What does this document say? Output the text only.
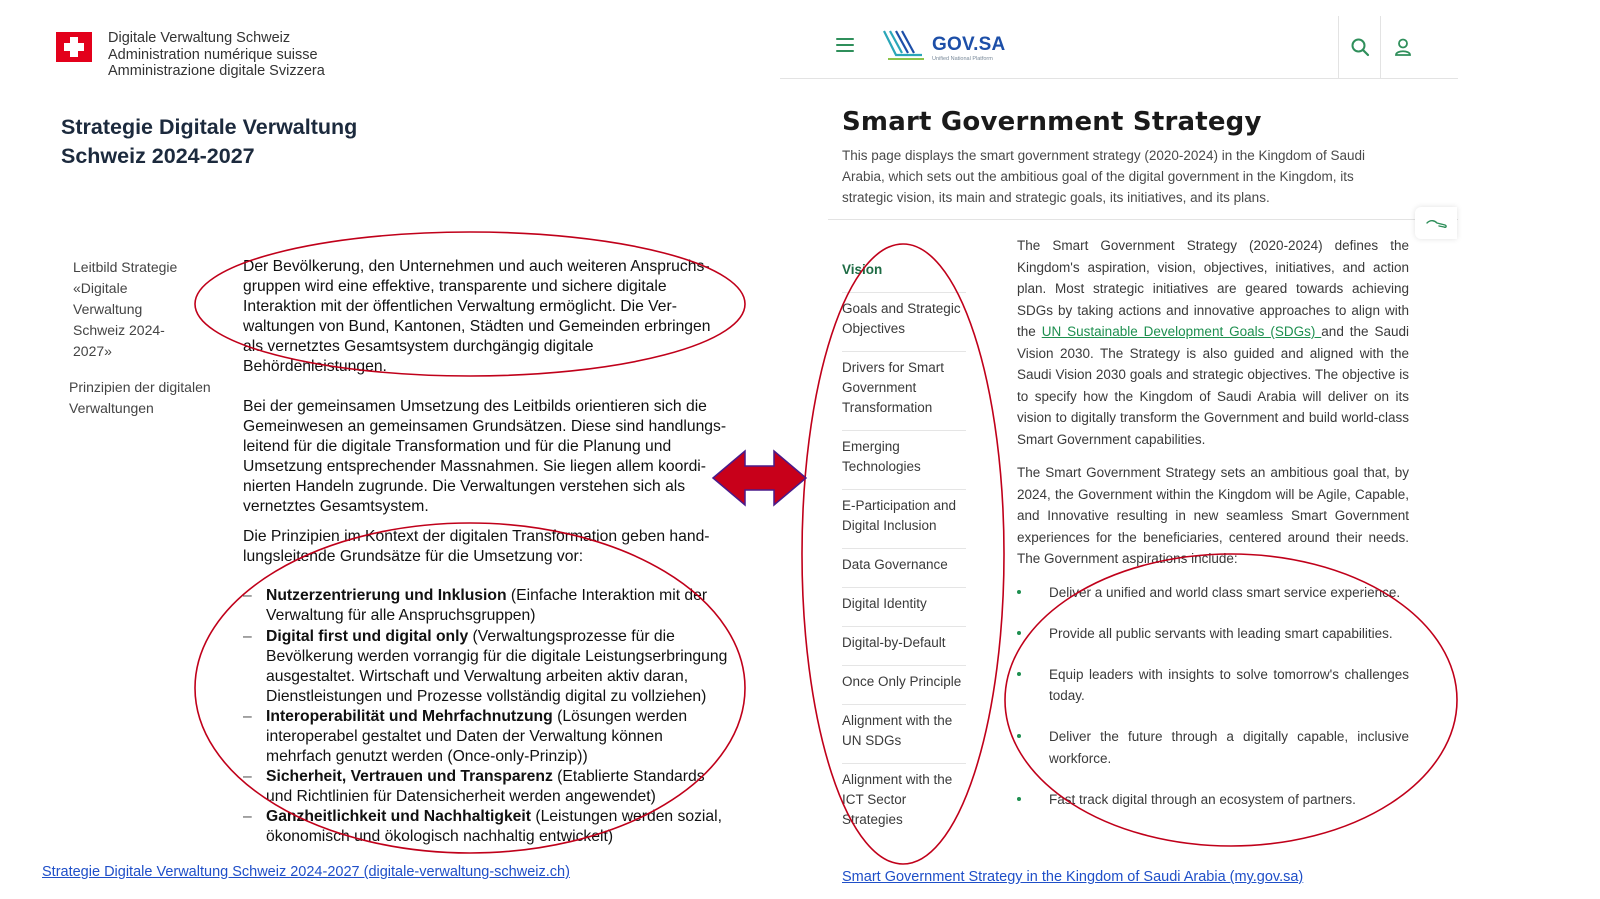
Digitale Verwaltung Schweiz
Administration numérique suisse
Amministrazione digitale Svizzera
Strategie Digitale Verwaltung
Schweiz 2024-2027
Leitbild Strategie «Digitale Verwaltung Schweiz 2024-2027»
Prinzipien der digitalen Verwaltungen

Der Bevölkerung, den Unternehmen und auch weiteren Anspruchs-gruppen wird eine effektive, transparente und sichere digitale Interaktion mit der öffentlichen Verwaltung ermöglicht. Die Ver-waltungen von Bund, Kantonen, Städten und Gemeinden erbringen als vernetztes Gesamtsystem durchgängig digitale Behördenleistungen.

Bei der gemeinsamen Umsetzung des Leitbilds orientieren sich die Gemeinwesen an gemeinsamen Grundsätzen. Diese sind handlungs-leitend für die digitale Transformation und für die Planung und Umsetzung entsprechender Massnahmen. Sie liegen allem koordi-nierten Handeln zugrunde. Die Verwaltungen verstehen sich als vernetztes Gesamtsystem.

Die Prinzipien im Kontext der digitalen Transformation geben hand-lungsleitende Grundsätze für die Umsetzung vor:

– Nutzerzentrierung und Inklusion (Einfache Interaktion mit der Verwaltung für alle Anspruchsgruppen)
– Digital first und digital only (Verwaltungsprozesse für die Bevölkerung werden vorrangig für die digitale Leistungserbringung ausgestaltet. Wirtschaft und Verwaltung arbeiten aktiv daran, Dienstleistungen und Prozesse vollständig digital zu vollziehen)
– Interoperabilität und Mehrfachnutzung (Lösungen werden interoperabel gestaltet und Daten der Verwaltung können mehrfach genutzt werden (Once-only-Prinzip))
– Sicherheit, Vertrauen und Transparenz (Etablierte Standards und Richtlinien für Datensicherheit werden angewendet)
– Ganzheitlichkeit und Nachhaltigkeit (Leistungen werden sozial, ökonomisch und ökologisch nachhaltig entwickelt)
Strategie Digitale Verwaltung Schweiz 2024-2027 (digitale-verwaltung-schweiz.ch)
GOV.SA
Unified National Platform
Smart Government Strategy
This page displays the smart government strategy (2020-2024) in the Kingdom of Saudi Arabia, which sets out the ambitious goal of the digital government in the Kingdom, its strategic vision, its main and strategic goals, its initiatives, and its plans.
Vision
Goals and Strategic Objectives
Drivers for Smart Government Transformation
Emerging Technologies
E-Participation and Digital Inclusion
Data Governance
Digital Identity
Digital-by-Default
Once Only Principle
Alignment with the UN SDGs
Alignment with the ICT Sector Strategies

The Smart Government Strategy (2020-2024) defines the Kingdom's aspiration, vision, objectives, initiatives, and action plan. Most strategic initiatives are geared towards achieving SDGs by taking actions and innovative approaches to align with the UN Sustainable Development Goals (SDGs) and the Saudi Vision 2030. The Strategy is also guided and aligned with the Saudi Vision 2030 goals and strategic objectives. The objective is to specify how the Kingdom of Saudi Arabia will deliver on its vision to digitally transform the Government and build world-class Smart Government capabilities.

The Smart Government Strategy sets an ambitious goal that, by 2024, the Government within the Kingdom will be Agile, Capable, and Innovative resulting in new seamless Smart Government experiences for the beneficiaries, centered around their needs. The Government aspirations include:

Deliver a unified and world class smart service experience.
Provide all public servants with leading smart capabilities.
Equip leaders with insights to solve tomorrow's challenges today.
Deliver the future through a digitally capable, inclusive workforce.
Fast track digital through an ecosystem of partners.
Smart Government Strategy in the Kingdom of Saudi Arabia (my.gov.sa)
